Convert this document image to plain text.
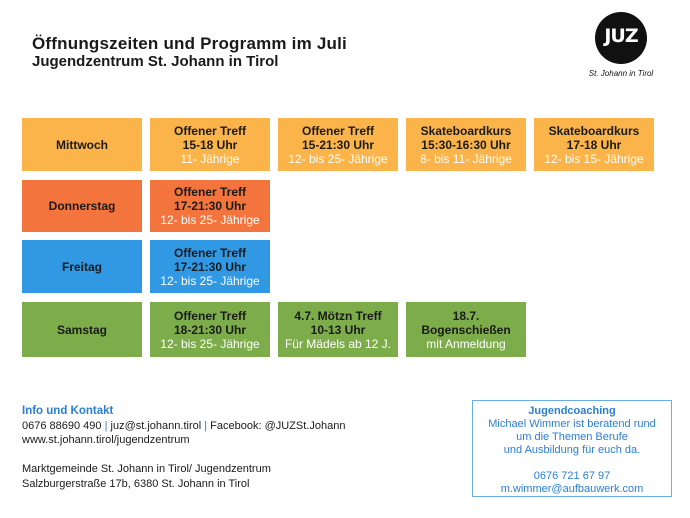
Öffnungszeiten und Programm im Juli
Jugendzentrum St. Johann in Tirol
JUZ
St. Johann in Tirol
Mittwoch
Offener Treff
15-18 Uhr
11- Jährige
Offener Treff
15-21:30 Uhr
12- bis 25- Jährige
Skateboardkurs
15:30-16:30 Uhr
8- bis 11- Jährige
Skateboardkurs
17-18 Uhr
12- bis 15- Jährige
Donnerstag
Offener Treff
17-21:30 Uhr
12- bis 25- Jährige
Freitag
Offener Treff
17-21:30 Uhr
12- bis 25- Jährige
Samstag
Offener Treff
18-21:30 Uhr
12- bis 25- Jährige
4.7. Mötzn Treff
10-13 Uhr
Für Mädels ab 12 J.
18.7.
Bogenschießen
mit Anmeldung
Info und Kontakt
0676 88690 490 | juz@st.johann.tirol | Facebook: @JUZSt.Johann
www.st.johann.tirol/jugendzentrum
Marktgemeinde St. Johann in Tirol/ Jugendzentrum
Salzburgerstraße 17b, 6380 St. Johann in Tirol
Jugendcoaching
Michael Wimmer ist beratend rund
um die Themen Berufe
und Ausbildung für euch da.
0676 721 67 97
m.wimmer@aufbauwerk.com
